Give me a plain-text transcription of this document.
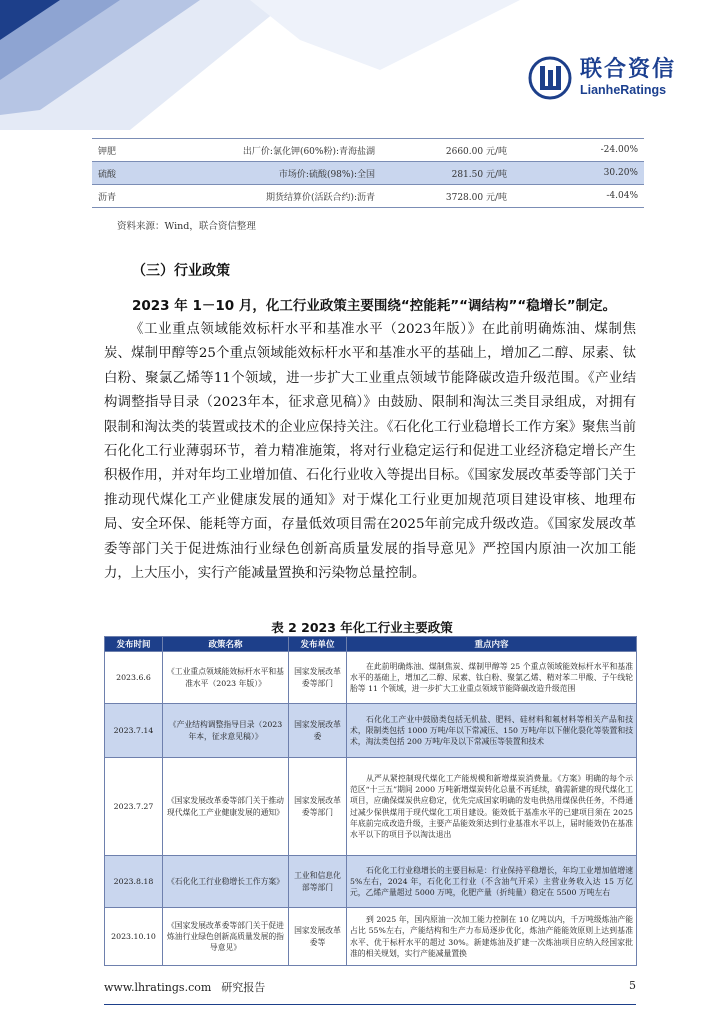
联合资信
LianheRatings
钾肥	出厂价:氯化钾(60%粉):青海盐湖	2660.00 元/吨	-24.00%
硫酸	市场价:硫酸(98%):全国	281.50 元/吨	30.20%
沥青	期货结算价(活跃合约):沥青	3728.00 元/吨	-4.04%
资料来源：Wind，联合资信整理
（三）行业政策
2023 年 1－10 月，化工行业政策主要围绕“控能耗”“调结构”“稳增长”制定。
《工业重点领域能效标杆水平和基准水平（2023年版）》在此前明确炼油、煤制焦炭、煤制甲醇等25个重点领域能效标杆水平和基准水平的基础上，增加乙二醇、尿素、钛白粉、聚氯乙烯等11个领域，进一步扩大工业重点领域节能降碳改造升级范围。《产业结构调整指导目录（2023年本，征求意见稿）》由鼓励、限制和淘汰三类目录组成，对拥有限制和淘汰类的装置或技术的企业应保持关注。《石化化工行业稳增长工作方案》聚焦当前石化化工行业薄弱环节，着力精准施策，将对行业稳定运行和促进工业经济稳定增长产生积极作用，并对年均工业增加值、石化行业收入等提出目标。《国家发展改革委等部门关于推动现代煤化工产业健康发展的通知》对于煤化工行业更加规范项目建设审核、地理布局、安全环保、能耗等方面，存量低效项目需在2025年前完成升级改造。《国家发展改革委等部门关于促进炼油行业绿色创新高质量发展的指导意见》严控国内原油一次加工能力，上大压小，实行产能减量置换和污染物总量控制。
表 2 2023 年化工行业主要政策
发布时间	政策名称	发布单位	重点内容
2023.6.6	《工业重点领域能效标杆水平和基准水平（2023 年版）》	国家发展改革委等部门	在此前明确炼油、煤制焦炭、煤制甲醇等 25 个重点领域能效标杆水平和基准水平的基础上，增加乙二醇、尿素、钛白粉、聚氯乙烯、精对苯二甲酸、子午线轮胎等 11 个领域，进一步扩大工业重点领域节能降碳改造升级范围
2023.7.14	《产业结构调整指导目录（2023 年本，征求意见稿）》	国家发展改革委	石化化工产业中鼓励类包括无机盐、肥料、硅材料和氟材料等相关产品和技术，限制类包括 1000 万吨/年以下常减压、150 万吨/年以下催化裂化等装置和技术，淘汰类包括 200 万吨/年及以下常减压等装置和技术
2023.7.27	《国家发展改革委等部门关于推动现代煤化工产业健康发展的通知》	国家发展改革委等部门	从严从紧控制现代煤化工产能规模和新增煤炭消费量。《方案》明确的每个示范区“十三五”期间 2000 万吨新增煤炭转化总量不再延续，确需新建的现代煤化工项目，应确保煤炭供应稳定，优先完成国家明确的发电供热用煤保供任务，不得通过减少保供煤用于现代煤化工项目建设。能效低于基准水平的已建项目须在 2025 年底前完成改造升级，主要产品能效须达到行业基准水平以上，届时能效仍在基准水平以下的项目予以淘汰退出
2023.8.18	《石化化工行业稳增长工作方案》	工业和信息化部等部门	石化化工行业稳增长的主要目标是：行业保持平稳增长，年均工业增加值增速 5%左右，2024 年，石化化工行业（不含油气开采）主营业务收入达 15 万亿元，乙烯产量超过 5000 万吨，化肥产量（折纯量）稳定在 5500 万吨左右
2023.10.10	《国家发展改革委等部门关于促进炼油行业绿色创新高质量发展的指导意见》	国家发展改革委等	到 2025 年，国内原油一次加工能力控制在 10 亿吨以内，千万吨级炼油产能占比 55%左右，产能结构和生产力布局逐步优化，炼油产能能效原则上达到基准水平、优于标杆水平的超过 30%。新建炼油及扩建一次炼油项目应纳入经国家批准的相关规划，实行产能减量置换
www.lhratings.com 研究报告	5
